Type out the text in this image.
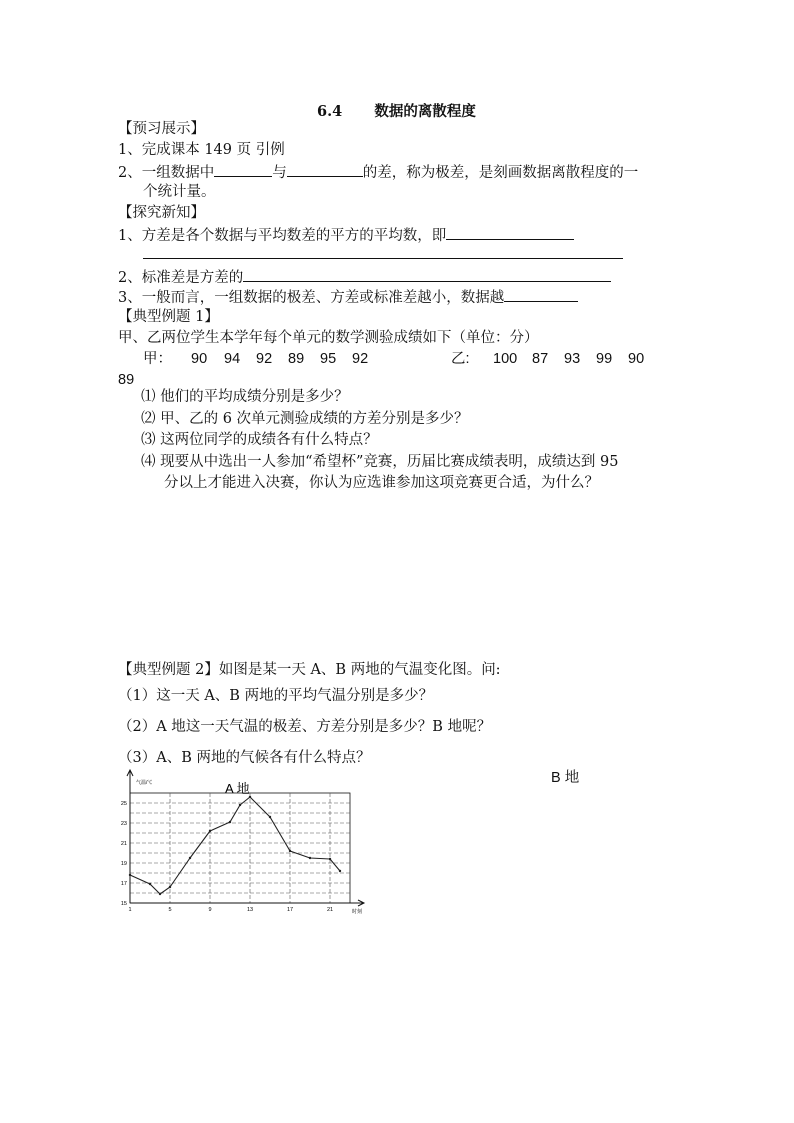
6.4 数据的离散程度
【预习展示】
1、完成课本 149 页 引例
2、一组数据中	与	的差，称为极差，是刻画数据离散程度的一
个统计量。
【探究新知】
1、方差是各个数据与平均数差的平方的平均数，即
2、标准差是方差的
3、一般而言，一组数据的极差、方差或标准差越小，数据越
【典型例题 1】
甲、乙两位学生本学年每个单元的数学测验成绩如下（单位：分）
甲： 90 94 92 89 95 92	乙: 100 87 93 99 90
89
⑴ 他们的平均成绩分别是多少？
⑵ 甲、乙的 6 次单元测验成绩的方差分别是多少？
⑶ 这两位同学的成绩各有什么特点？
⑷ 现要从中选出一人参加“希望杯”竞赛，历届比赛成绩表明，成绩达到 95
分以上才能进入决赛，你认为应选谁参加这项竞赛更合适，为什么？
【典型例题 2】如图是某一天 A、B 两地的气温变化图。问:
（1）这一天 A、B 两地的平均气温分别是多少？
（2）A 地这一天气温的极差、方差分别是多少？B 地呢？
（3）A、B 两地的气候各有什么特点？
B 地
A 地
气温/℃
时刻
15
17
19
21
23
25
1	5	9	13	17	21
